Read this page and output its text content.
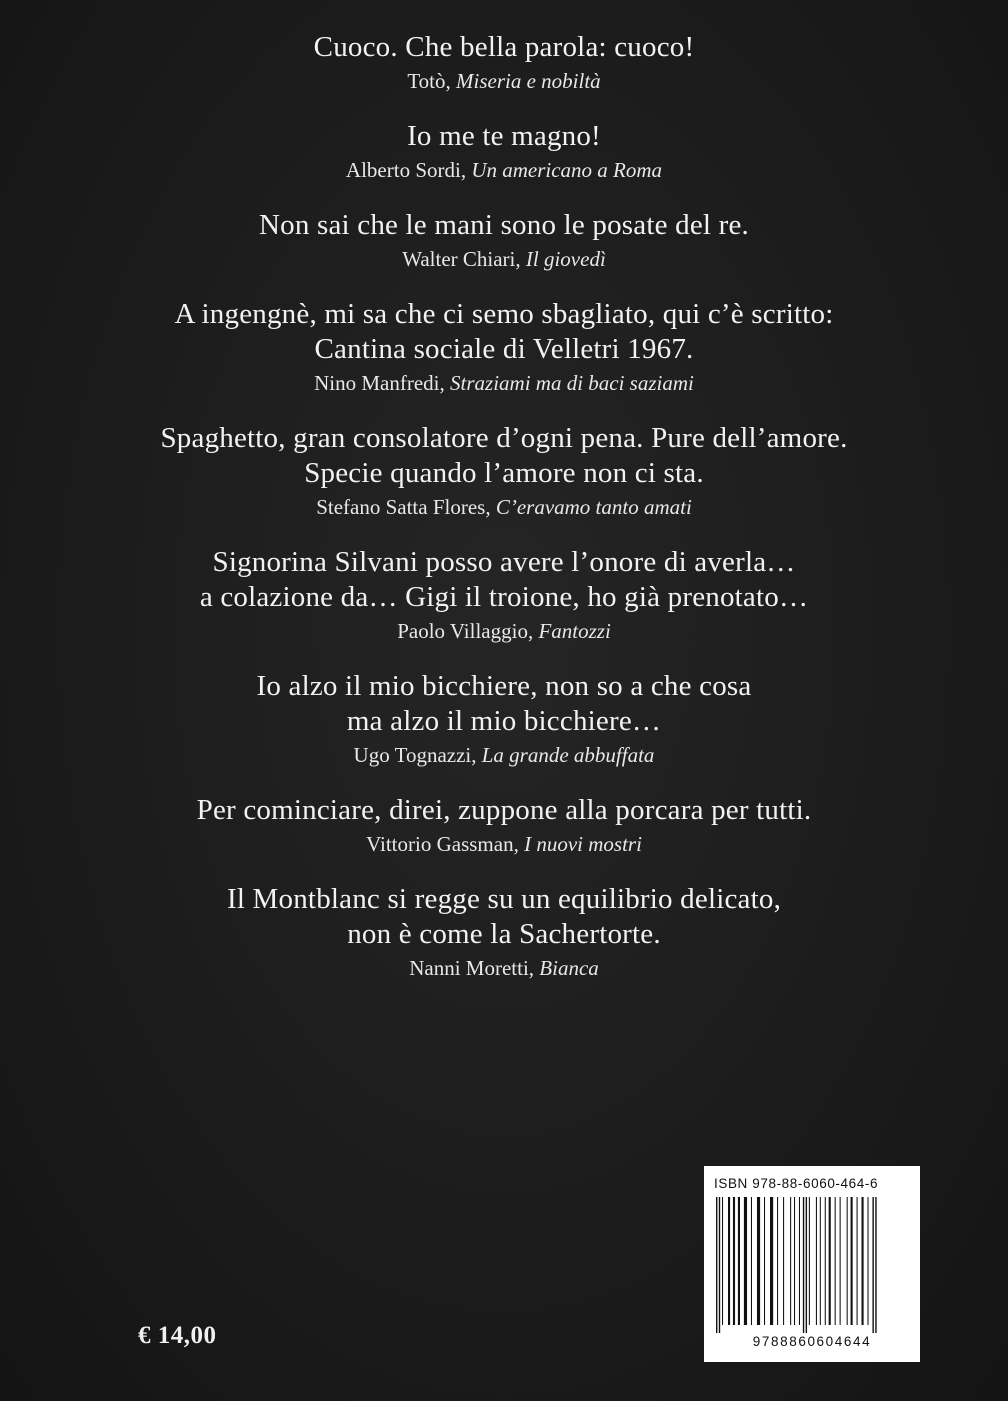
Cuoco. Che bella parola: cuoco!
Totò, Miseria e nobiltà
Io me te magno!
Alberto Sordi, Un americano a Roma
Non sai che le mani sono le posate del re.
Walter Chiari, Il giovedì
A ingengnè, mi sa che ci semo sbagliato, qui c’è scritto:
Cantina sociale di Velletri 1967.
Nino Manfredi, Straziami ma di baci saziami
Spaghetto, gran consolatore d’ogni pena. Pure dell’amore.
Specie quando l’amore non ci sta.
Stefano Satta Flores, C’eravamo tanto amati
Signorina Silvani posso avere l’onore di averla…
a colazione da… Gigi il troione, ho già prenotato…
Paolo Villaggio, Fantozzi
Io alzo il mio bicchiere, non so a che cosa
ma alzo il mio bicchiere…
Ugo Tognazzi, La grande abbuffata
Per cominciare, direi, zuppone alla porcara per tutti.
Vittorio Gassman, I nuovi mostri
Il Montblanc si regge su un equilibrio delicato,
non è come la Sachertorte.
Nanni Moretti, Bianca
ISBN 978-88-6060-464-6
9788860604644
€ 14,00
